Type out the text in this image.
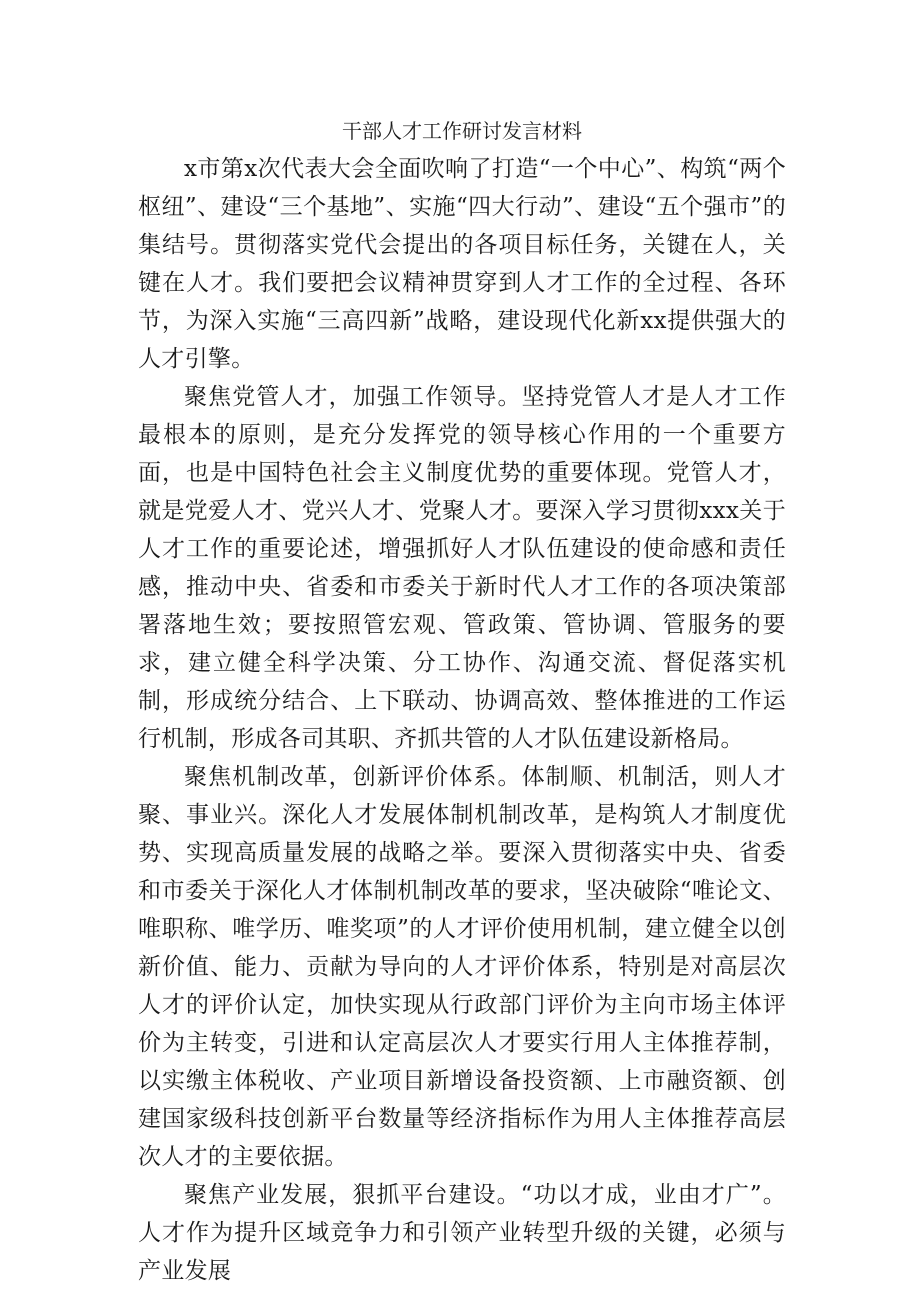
干部人才工作研讨发言材料

x市第x次代表大会全面吹响了打造“一个中心”、构筑“两个枢纽”、建设“三个基地”、实施“四大行动”、建设“五个强市”的集结号。贯彻落实党代会提出的各项目标任务，关键在人，关键在人才。我们要把会议精神贯穿到人才工作的全过程、各环节，为深入实施“三高四新”战略，建设现代化新xx提供强大的人才引擎。

聚焦党管人才，加强工作领导。坚持党管人才是人才工作最根本的原则，是充分发挥党的领导核心作用的一个重要方面，也是中国特色社会主义制度优势的重要体现。党管人才，就是党爱人才、党兴人才、党聚人才。要深入学习贯彻xxx关于人才工作的重要论述，增强抓好人才队伍建设的使命感和责任感，推动中央、省委和市委关于新时代人才工作的各项决策部署落地生效；要按照管宏观、管政策、管协调、管服务的要求，建立健全科学决策、分工协作、沟通交流、督促落实机制，形成统分结合、上下联动、协调高效、整体推进的工作运行机制，形成各司其职、齐抓共管的人才队伍建设新格局。

聚焦机制改革，创新评价体系。体制顺、机制活，则人才聚、事业兴。深化人才发展体制机制改革，是构筑人才制度优势、实现高质量发展的战略之举。要深入贯彻落实中央、省委和市委关于深化人才体制机制改革的要求，坚决破除“唯论文、唯职称、唯学历、唯奖项”的人才评价使用机制，建立健全以创新价值、能力、贡献为导向的人才评价体系，特别是对高层次人才的评价认定，加快实现从行政部门评价为主向市场主体评价为主转变，引进和认定高层次人才要实行用人主体推荐制，以实缴主体税收、产业项目新增设备投资额、上市融资额、创建国家级科技创新平台数量等经济指标作为用人主体推荐高层次人才的主要依据。

聚焦产业发展，狠抓平台建设。“功以才成，业由才广”。人才作为提升区域竞争力和引领产业转型升级的关键，必须与产业发展
